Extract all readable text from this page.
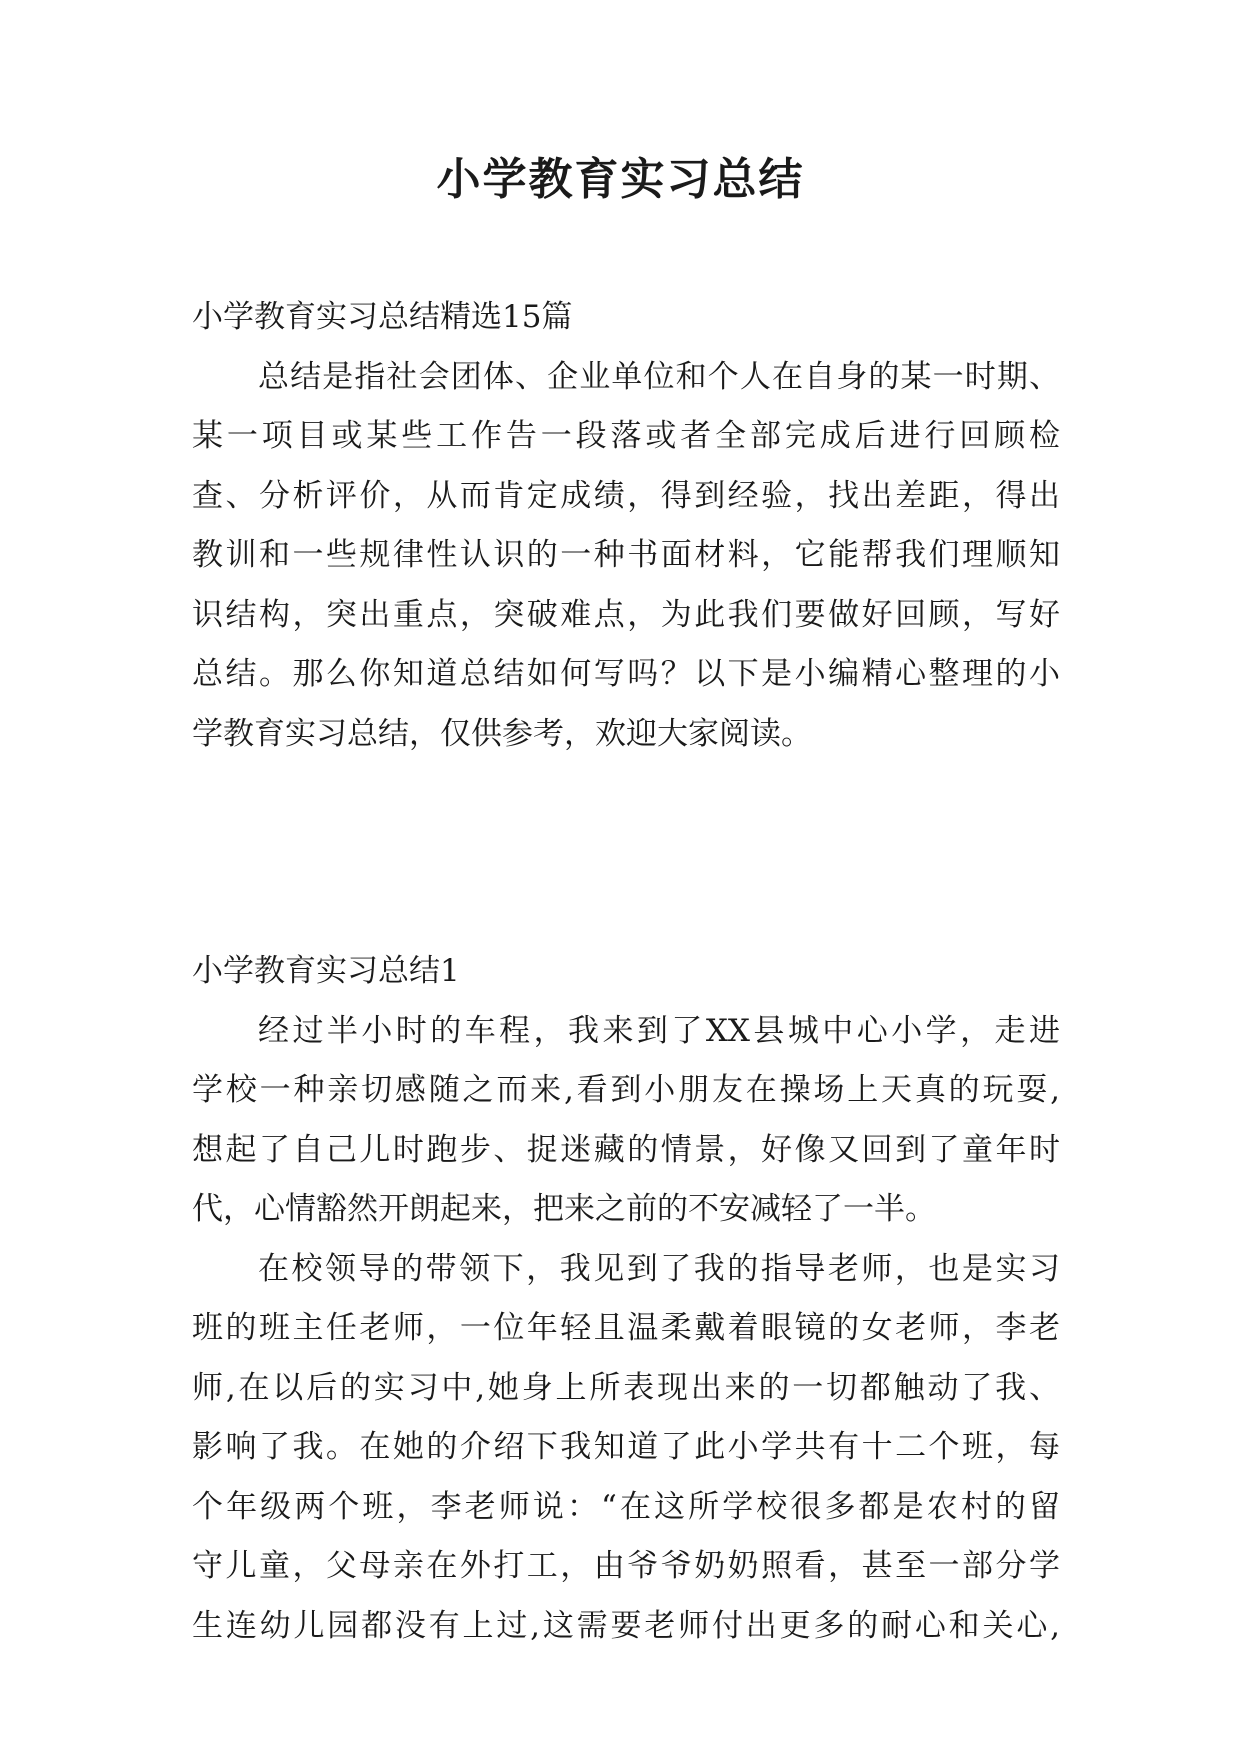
小学教育实习总结
小学教育实习总结精选15篇
总结是指社会团体、企业单位和个人在自身的某一时期、
某一项目或某些工作告一段落或者全部完成后进行回顾检
查、分析评价，从而肯定成绩，得到经验，找出差距，得出
教训和一些规律性认识的一种书面材料，它能帮我们理顺知
识结构，突出重点，突破难点，为此我们要做好回顾，写好
总结。那么你知道总结如何写吗？以下是小编精心整理的小
学教育实习总结，仅供参考，欢迎大家阅读。
小学教育实习总结1
经过半小时的车程，我来到了XX县城中心小学，走进
学校一种亲切感随之而来,看到小朋友在操场上天真的玩耍,
想起了自己儿时跑步、捉迷藏的情景，好像又回到了童年时
代，心情豁然开朗起来，把来之前的不安减轻了一半。
在校领导的带领下，我见到了我的指导老师，也是实习
班的班主任老师，一位年轻且温柔戴着眼镜的女老师，李老
师,在以后的实习中,她身上所表现出来的一切都触动了我、
影响了我。在她的介绍下我知道了此小学共有十二个班，每
个年级两个班，李老师说：“在这所学校很多都是农村的留
守儿童，父母亲在外打工，由爷爷奶奶照看，甚至一部分学
生连幼儿园都没有上过,这需要老师付出更多的耐心和关心,
